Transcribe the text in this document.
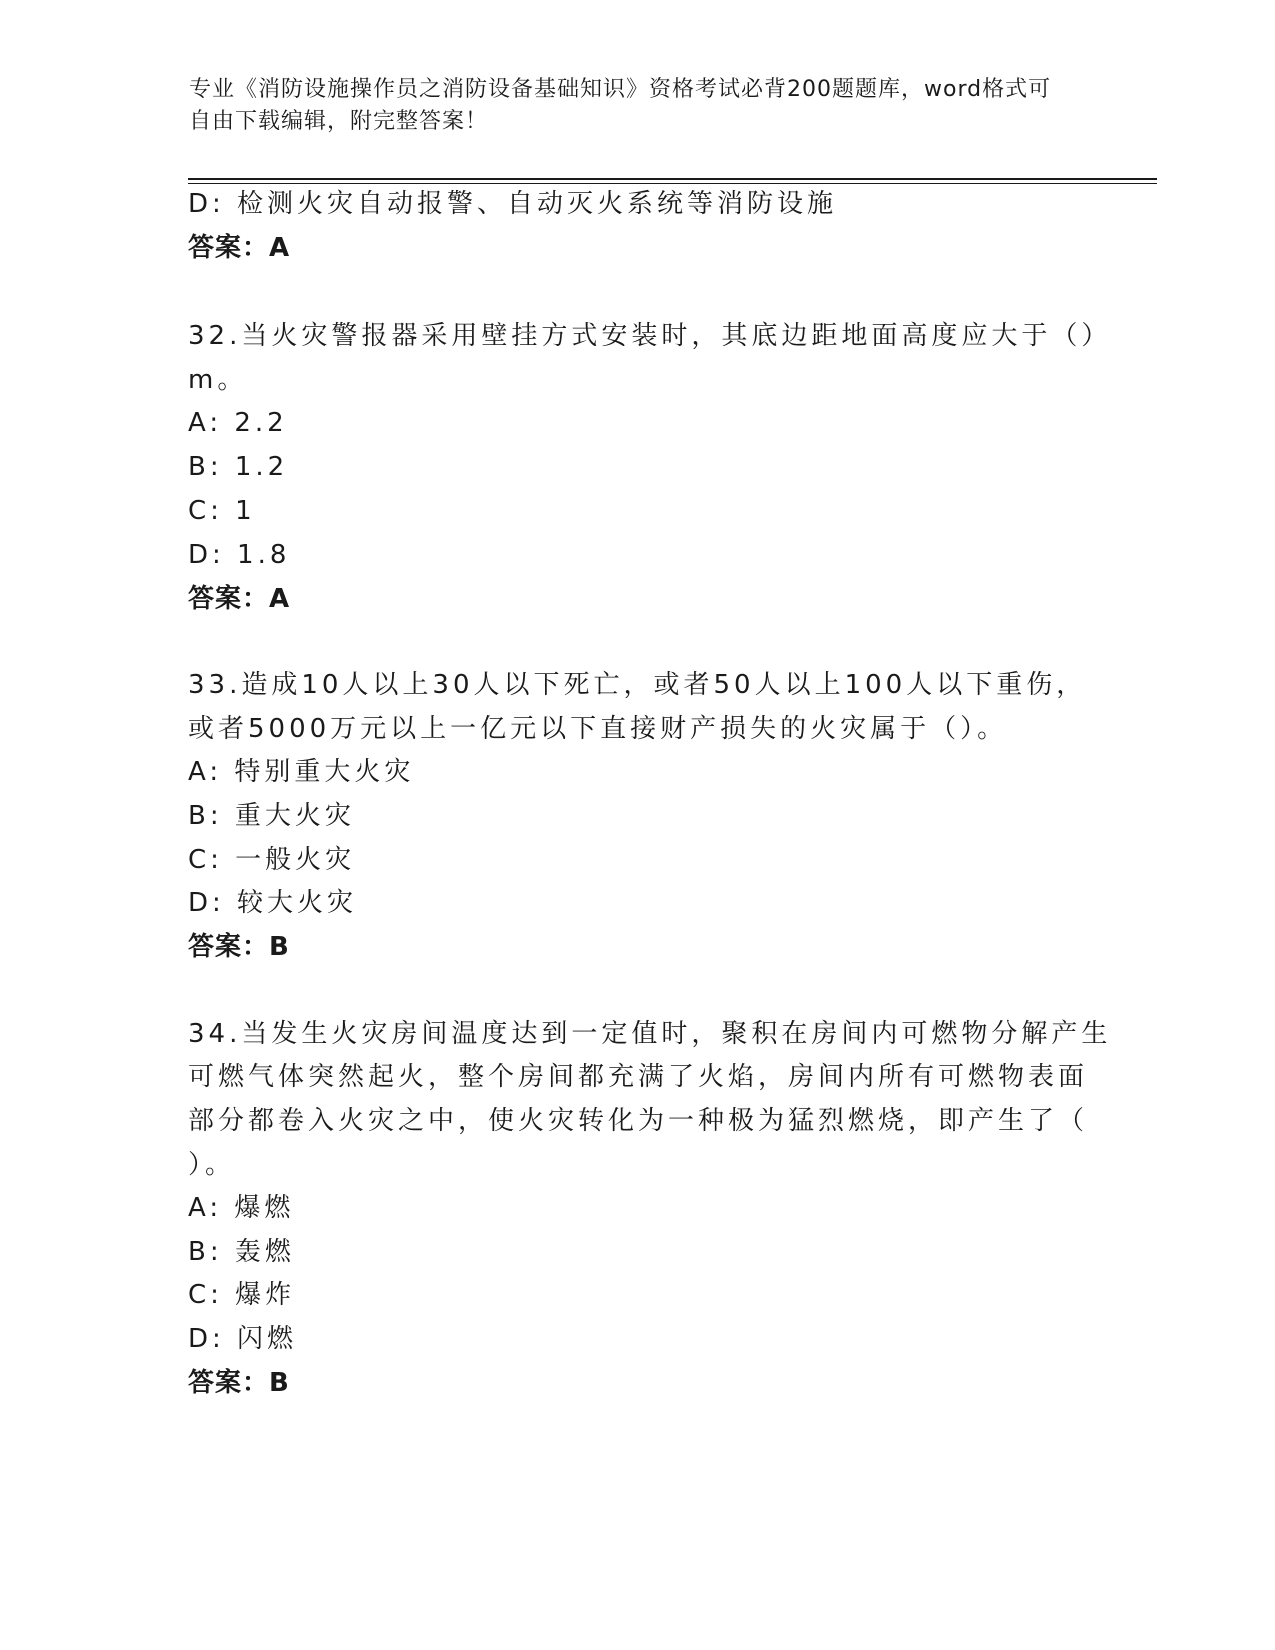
专业《消防设施操作员之消防设备基础知识》资格考试必背200题题库，word格式可自由下载编辑，附完整答案！
D: 检测火灾自动报警、自动灭火系统等消防设施
答案：A
32.当火灾警报器采用壁挂方式安装时，其底边距地面高度应大于（）
m。
A: 2.2
B: 1.2
C: 1
D: 1.8
答案：A
33.造成10人以上30人以下死亡，或者50人以上100人以下重伤，
或者5000万元以上一亿元以下直接财产损失的火灾属于（）。
A: 特别重大火灾
B: 重大火灾
C: 一般火灾
D: 较大火灾
答案：B
34.当发生火灾房间温度达到一定值时，聚积在房间内可燃物分解产生
可燃气体突然起火，整个房间都充满了火焰，房间内所有可燃物表面
部分都卷入火灾之中，使火灾转化为一种极为猛烈燃烧，即产生了（
）。
A: 爆燃
B: 轰燃
C: 爆炸
D: 闪燃
答案：B
